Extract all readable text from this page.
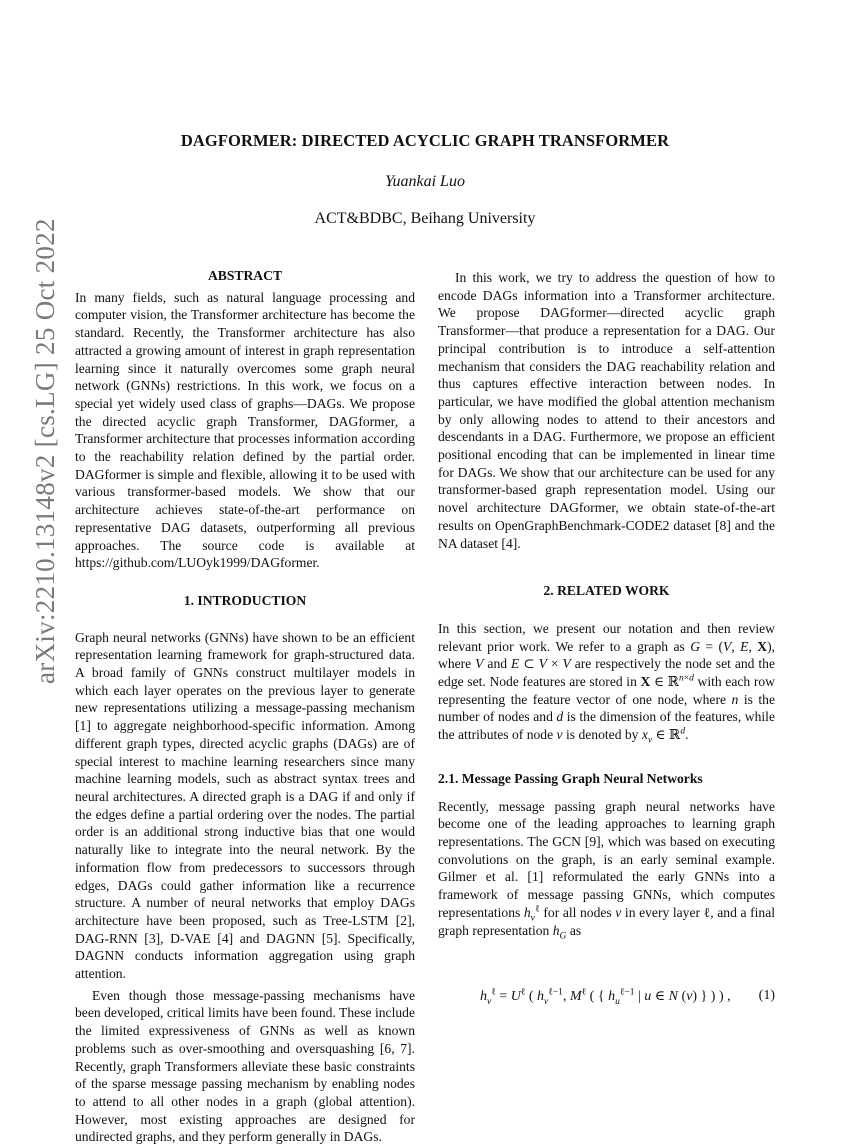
arXiv:2210.13148v2 [cs.LG] 25 Oct 2022
DAGFORMER: DIRECTED ACYCLIC GRAPH TRANSFORMER
Yuankai Luo
ACT&BDBC, Beihang University
ABSTRACT

In many fields, such as natural language processing and computer vision, the Transformer architecture has become the standard. Recently, the Transformer architecture has also attracted a growing amount of interest in graph representation learning since it naturally overcomes some graph neural network (GNNs) restrictions. In this work, we focus on a special yet widely used class of graphs—DAGs. We propose the directed acyclic graph Transformer, DAGformer, a Transformer architecture that processes information according to the reachability relation defined by the partial order. DAGformer is simple and flexible, allowing it to be used with various transformer-based models. We show that our architecture achieves state-of-the-art performance on representative DAG datasets, outperforming all previous approaches. The source code is available at https://github.com/LUOyk1999/DAGformer.

1. INTRODUCTION

Graph neural networks (GNNs) have shown to be an efficient representation learning framework for graph-structured data. A broad family of GNNs construct multilayer models in which each layer operates on the previous layer to generate new representations utilizing a message-passing mechanism [1] to aggregate neighborhood-specific information. Among different graph types, directed acyclic graphs (DAGs) are of special interest to machine learning researchers since many machine learning models, such as abstract syntax trees and neural architectures. A directed graph is a DAG if and only if the edges define a partial ordering over the nodes. The partial order is an additional strong inductive bias that one would naturally like to integrate into the neural network. By the information flow from predecessors to successors through edges, DAGs could gather information like a recurrence structure. A number of neural networks that employ DAGs architecture have been proposed, such as Tree-LSTM [2], DAG-RNN [3], D-VAE [4] and DAGNN [5]. Specifically, DAGNN conducts information aggregation using graph attention.

Even though those message-passing mechanisms have been developed, critical limits have been found. These include the limited expressiveness of GNNs as well as known problems such as over-smoothing and oversquashing [6, 7]. Recently, graph Transformers alleviate these basic constraints of the sparse message passing mechanism by enabling nodes to attend to all other nodes in a graph (global attention). However, most existing approaches are designed for undirected graphs, and they perform generally in DAGs.

In this work, we try to address the question of how to encode DAGs information into a Transformer architecture. We propose DAGformer—directed acyclic graph Transformer—that produce a representation for a DAG. Our principal contribution is to introduce a self-attention mechanism that considers the DAG reachability relation and thus captures effective interaction between nodes. In particular, we have modified the global attention mechanism by only allowing nodes to attend to their ancestors and descendants in a DAG. Furthermore, we propose an efficient positional encoding that can be implemented in linear time for DAGs. We show that our architecture can be used for any transformer-based graph representation model. Using our novel architecture DAGformer, we obtain state-of-the-art results on OpenGraphBenchmark-CODE2 dataset [8] and the NA dataset [4].

2. RELATED WORK

In this section, we present our notation and then review relevant prior work. We refer to a graph as G = (V, E, X), where V and E ⊂ V × V are respectively the node set and the edge set. Node features are stored in X ∈ ℝ$^{n\times d}$ with each row representing the feature vector of one node, where n is the number of nodes and d is the dimension of the features, while the attributes of node v is denoted by $x_v$ ∈ ℝ$^d$.

2.1. Message Passing Graph Neural Networks

Recently, message passing graph neural networks have become one of the leading approaches to learning graph representations. The GCN [9], which was based on executing convolutions on the graph, is an early seminal example. Gilmer et al. [1] reformulated the early GNNs into a framework of message passing GNNs, which computes representations $h_v^\ell$ for all nodes v in every layer ℓ, and a final graph representation $h_G$ as

$h_v^\ell = U^\ell$ ( $h_v^{\ell-1}$, $M^\ell$ ( { $h_u^{\ell-1}$ | u ∈ N (v) } ) ) , (1)
